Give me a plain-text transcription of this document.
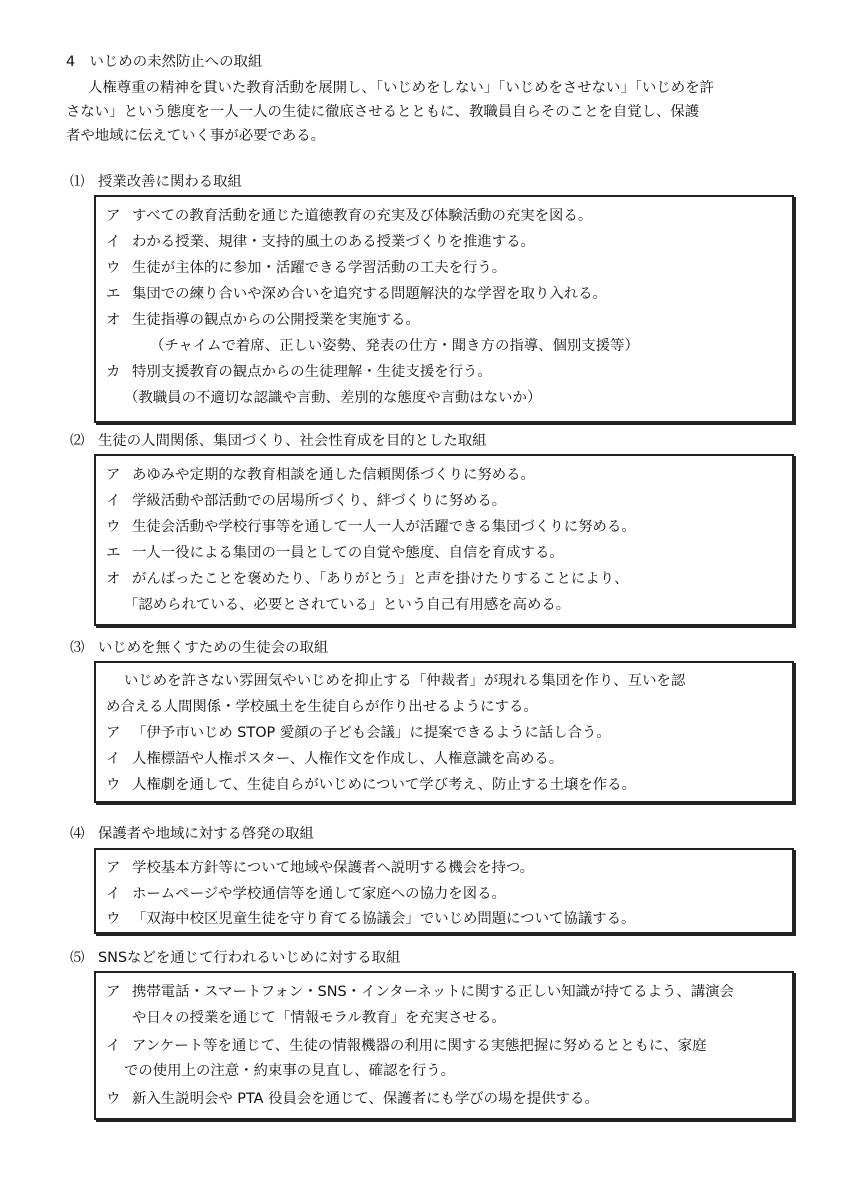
4　いじめの未然防止への取組
人権尊重の精神を貫いた教育活動を展開し、「いじめをしない」「いじめをさせない」「いじめを許
さない」という態度を一人一人の生徒に徹底させるとともに、教職員自らそのことを自覚し、保護
者や地域に伝えていく事が必要である。
⑴ 授業改善に関わる取組
ア すべての教育活動を通じた道徳教育の充実及び体験活動の充実を図る。
イ わかる授業、規律・支持的風土のある授業づくりを推進する。
ウ 生徒が主体的に参加・活躍できる学習活動の工夫を行う。
エ 集団での練り合いや深め合いを追究する問題解決的な学習を取り入れる。
オ 生徒指導の観点からの公開授業を実施する。
（チャイムで着席、正しい姿勢、発表の仕方・聞き方の指導、個別支援等）
カ 特別支援教育の観点からの生徒理解・生徒支援を行う。
（教職員の不適切な認識や言動、差別的な態度や言動はないか）
⑵ 生徒の人間関係、集団づくり、社会性育成を目的とした取組
ア あゆみや定期的な教育相談を通した信頼関係づくりに努める。
イ 学級活動や部活動での居場所づくり、絆づくりに努める。
ウ 生徒会活動や学校行事等を通して一人一人が活躍できる集団づくりに努める。
エ 一人一役による集団の一員としての自覚や態度、自信を育成する。
オ がんばったことを褒めたり、「ありがとう」と声を掛けたりすることにより、
「認められている、必要とされている」という自己有用感を高める。
⑶ いじめを無くすための生徒会の取組
いじめを許さない雰囲気やいじめを抑止する「仲裁者」が現れる集団を作り、互いを認
め合える人間関係・学校風土を生徒自らが作り出せるようにする。
ア 「伊予市いじめ STOP 愛顔の子ども会議」に提案できるように話し合う。
イ 人権標語や人権ポスター、人権作文を作成し、人権意識を高める。
ウ 人権劇を通して、生徒自らがいじめについて学び考え、防止する土壌を作る。
⑷ 保護者や地域に対する啓発の取組
ア 学校基本方針等について地域や保護者へ説明する機会を持つ。
イ ホームページや学校通信等を通して家庭への協力を図る。
ウ 「双海中校区児童生徒を守り育てる協議会」でいじめ問題について協議する。
⑸ SNSなどを通じて行われるいじめに対する取組
ア 携帯電話・スマートフォン・SNS・インターネットに関する正しい知識が持てるよう、講演会
や日々の授業を通じて「情報モラル教育」を充実させる。
イ アンケート等を通じて、生徒の情報機器の利用に関する実態把握に努めるとともに、家庭
での使用上の注意・約束事の見直し、確認を行う。
ウ 新入生説明会や PTA 役員会を通じて、保護者にも学びの場を提供する。
